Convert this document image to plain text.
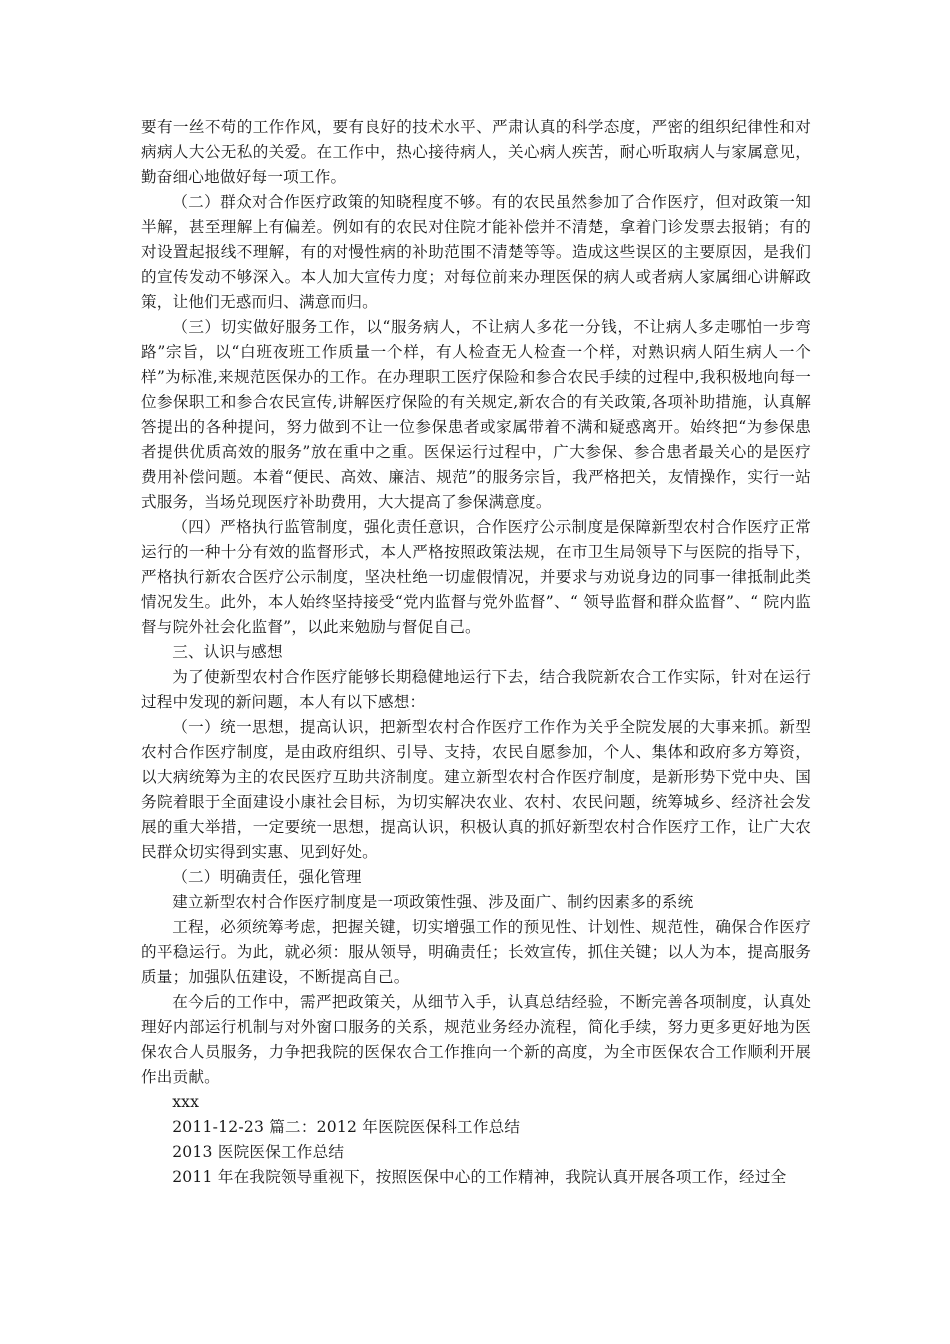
要有一丝不苟的工作作风，要有良好的技术水平、严肃认真的科学态度，严密的组织纪律性和对病病人大公无私的关爱。在工作中，热心接待病人，关心病人疾苦，耐心听取病人与家属意见，勤奋细心地做好每一项工作。

（二）群众对合作医疗政策的知晓程度不够。有的农民虽然参加了合作医疗，但对政策一知半解，甚至理解上有偏差。例如有的农民对住院才能补偿并不清楚，拿着门诊发票去报销；有的对设置起报线不理解，有的对慢性病的补助范围不清楚等等。造成这些误区的主要原因，是我们的宣传发动不够深入。本人加大宣传力度；对每位前来办理医保的病人或者病人家属细心讲解政策，让他们无惑而归、满意而归。

（三）切实做好服务工作，以“服务病人，不让病人多花一分钱，不让病人多走哪怕一步弯路”宗旨，以“白班夜班工作质量一个样，有人检查无人检查一个样，对熟识病人陌生病人一个样”为标准,来规范医保办的工作。在办理职工医疗保险和参合农民手续的过程中,我积极地向每一位参保职工和参合农民宣传,讲解医疗保险的有关规定,新农合的有关政策,各项补助措施，认真解答提出的各种提问，努力做到不让一位参保患者或家属带着不满和疑惑离开。始终把“为参保患者提供优质高效的服务”放在重中之重。医保运行过程中，广大参保、参合患者最关心的是医疗费用补偿问题。本着“便民、高效、廉洁、规范”的服务宗旨，我严格把关，友情操作，实行一站式服务，当场兑现医疗补助费用，大大提高了参保满意度。

（四）严格执行监管制度，强化责任意识，合作医疗公示制度是保障新型农村合作医疗正常运行的一种十分有效的监督形式，本人严格按照政策法规，在市卫生局领导下与医院的指导下，严格执行新农合医疗公示制度，坚决杜绝一切虚假情况，并要求与劝说身边的同事一律抵制此类情况发生。此外，本人始终坚持接受“党内监督与党外监督”、“ 领导监督和群众监督”、“ 院内监督与院外社会化监督”，以此来勉励与督促自己。

三、认识与感想

为了使新型农村合作医疗能够长期稳健地运行下去，结合我院新农合工作实际，针对在运行过程中发现的新问题，本人有以下感想：

（一）统一思想，提高认识，把新型农村合作医疗工作作为关乎全院发展的大事来抓。新型农村合作医疗制度，是由政府组织、引导、支持，农民自愿参加，个人、集体和政府多方筹资，以大病统筹为主的农民医疗互助共济制度。建立新型农村合作医疗制度，是新形势下党中央、国务院着眼于全面建设小康社会目标，为切实解决农业、农村、农民问题，统筹城乡、经济社会发展的重大举措，一定要统一思想，提高认识，积极认真的抓好新型农村合作医疗工作，让广大农民群众切实得到实惠、见到好处。

（二）明确责任，强化管理

建立新型农村合作医疗制度是一项政策性强、涉及面广、制约因素多的系统

工程，必须统筹考虑，把握关键，切实增强工作的预见性、计划性、规范性，确保合作医疗的平稳运行。为此，就必须：服从领导，明确责任；长效宣传，抓住关键；以人为本，提高服务质量；加强队伍建设，不断提高自己。

在今后的工作中，需严把政策关，从细节入手，认真总结经验，不断完善各项制度，认真处理好内部运行机制与对外窗口服务的关系，规范业务经办流程，简化手续，努力更多更好地为医保农合人员服务，力争把我院的医保农合工作推向一个新的高度，为全市医保农合工作顺利开展作出贡献。

xxx

2011-12-23 篇二：2012 年医院医保科工作总结

2013 医院医保工作总结

2011 年在我院领导重视下，按照医保中心的工作精神，我院认真开展各项工作，经过全
